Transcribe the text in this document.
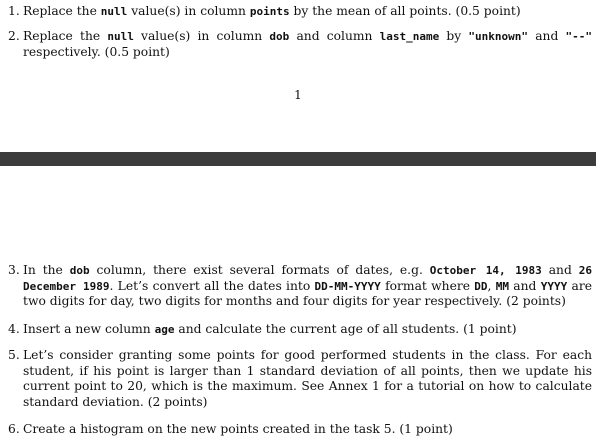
1. Replace the null value(s) in column points by the mean of all points. (0.5 point)
2. Replace the null value(s) in column dob and column last_name by "unknown" and "--" respectively. (0.5 point)
1
3. In the dob column, there exist several formats of dates, e.g. October 14, 1983 and 26 December 1989. Let’s convert all the dates into DD-MM-YYYY format where DD, MM and YYYY are two digits for day, two digits for months and four digits for year respectively. (2 points)
4. Insert a new column age and calculate the current age of all students. (1 point)
5. Let’s consider granting some points for good performed students in the class. For each student, if his point is larger than 1 standard deviation of all points, then we update his current point to 20, which is the maximum. See Annex 1 for a tutorial on how to calculate standard deviation. (2 points)
6. Create a histogram on the new points created in the task 5. (1 point)
